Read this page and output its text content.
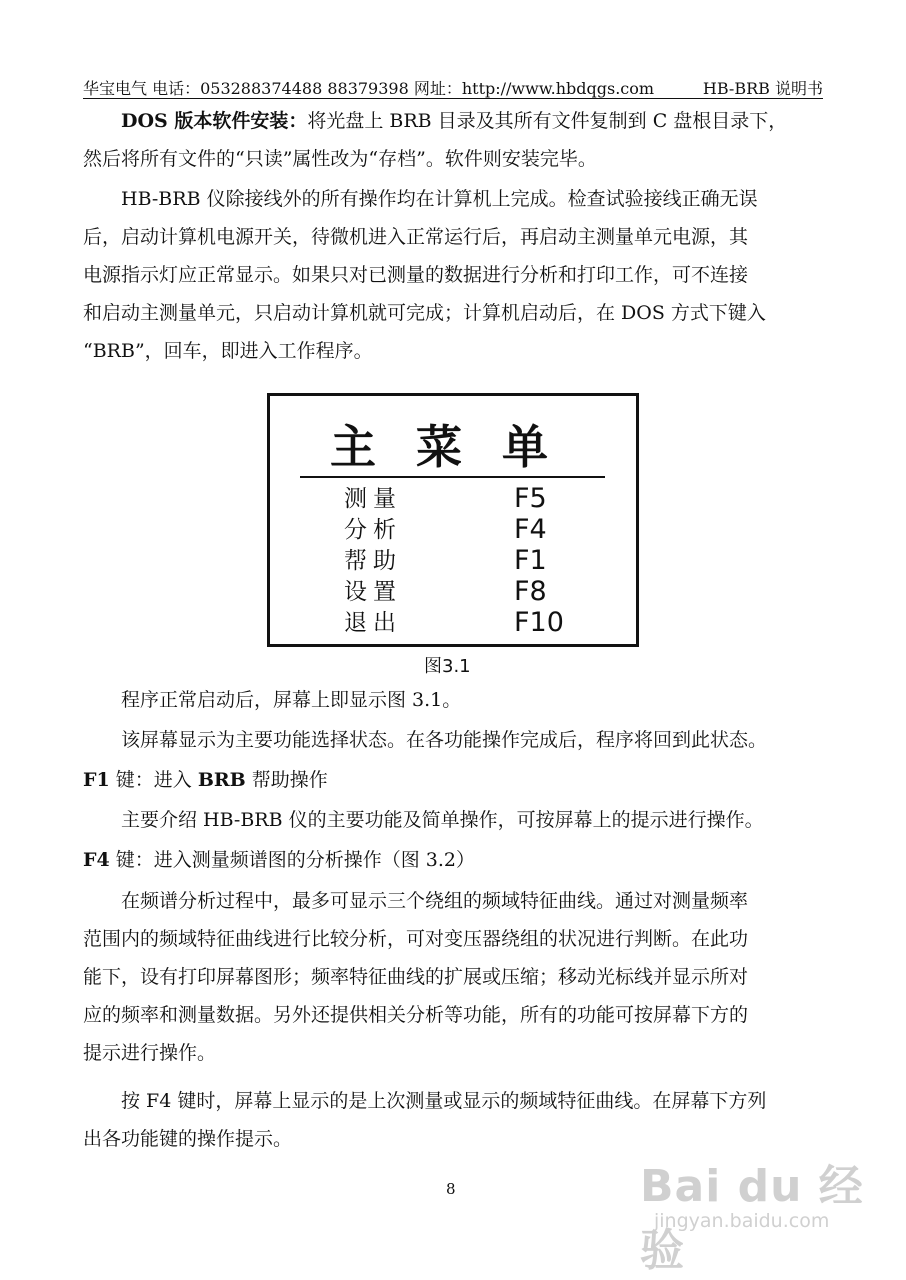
华宝电气 电话：053288374488 88379398 网址：http://www.hbdqgs.com	HB-BRB 说明书
DOS 版本软件安装：将光盘上 BRB 目录及其所有文件复制到 C 盘根目录下，
然后将所有文件的“只读”属性改为“存档”。软件则安装完毕。
HB-BRB 仪除接线外的所有操作均在计算机上完成。检查试验接线正确无误
后，启动计算机电源开关，待微机进入正常运行后，再启动主测量单元电源，其
电源指示灯应正常显示。如果只对已测量的数据进行分析和打印工作，可不连接
和启动主测量单元，只启动计算机就可完成；计算机启动后，在 DOS 方式下键入
“BRB”，回车，即进入工作程序。
主菜单
测量	F5
分析	F4
帮助	F1
设置	F8
退出	F10
图3.1
程序正常启动后，屏幕上即显示图 3.1。
该屏幕显示为主要功能选择状态。在各功能操作完成后，程序将回到此状态。
F1 键：进入 BRB 帮助操作
主要介绍 HB-BRB 仪的主要功能及简单操作，可按屏幕上的提示进行操作。
F4 键：进入测量频谱图的分析操作（图 3.2）
在频谱分析过程中，最多可显示三个绕组的频域特征曲线。通过对测量频率
范围内的频域特征曲线进行比较分析，可对变压器绕组的状况进行判断。在此功
能下，设有打印屏幕图形；频率特征曲线的扩展或压缩；移动光标线并显示所对
应的频率和测量数据。另外还提供相关分析等功能，所有的功能可按屏幕下方的
提示进行操作。
按 F4 键时，屏幕上显示的是上次测量或显示的频域特征曲线。在屏幕下方列
出各功能键的操作提示。
8	Bai du 经验
jingyan.baidu.com
